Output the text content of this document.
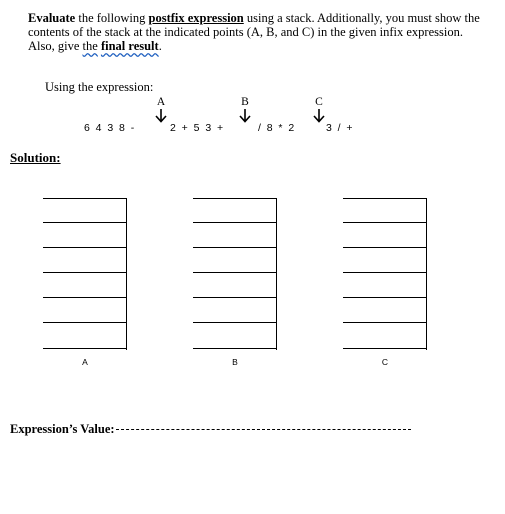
Evaluate the following postfix expression using a stack. Additionally, you must show the contents of the stack at the indicated points (A, B, and C) in the given infix expression. Also, give the final result.
Using the expression:
A	B	C
6  4  3  8  -	2  +  5  3  +	/  8  *  2	3  /  +
Solution:
A	B	C
Expression’s Value:
